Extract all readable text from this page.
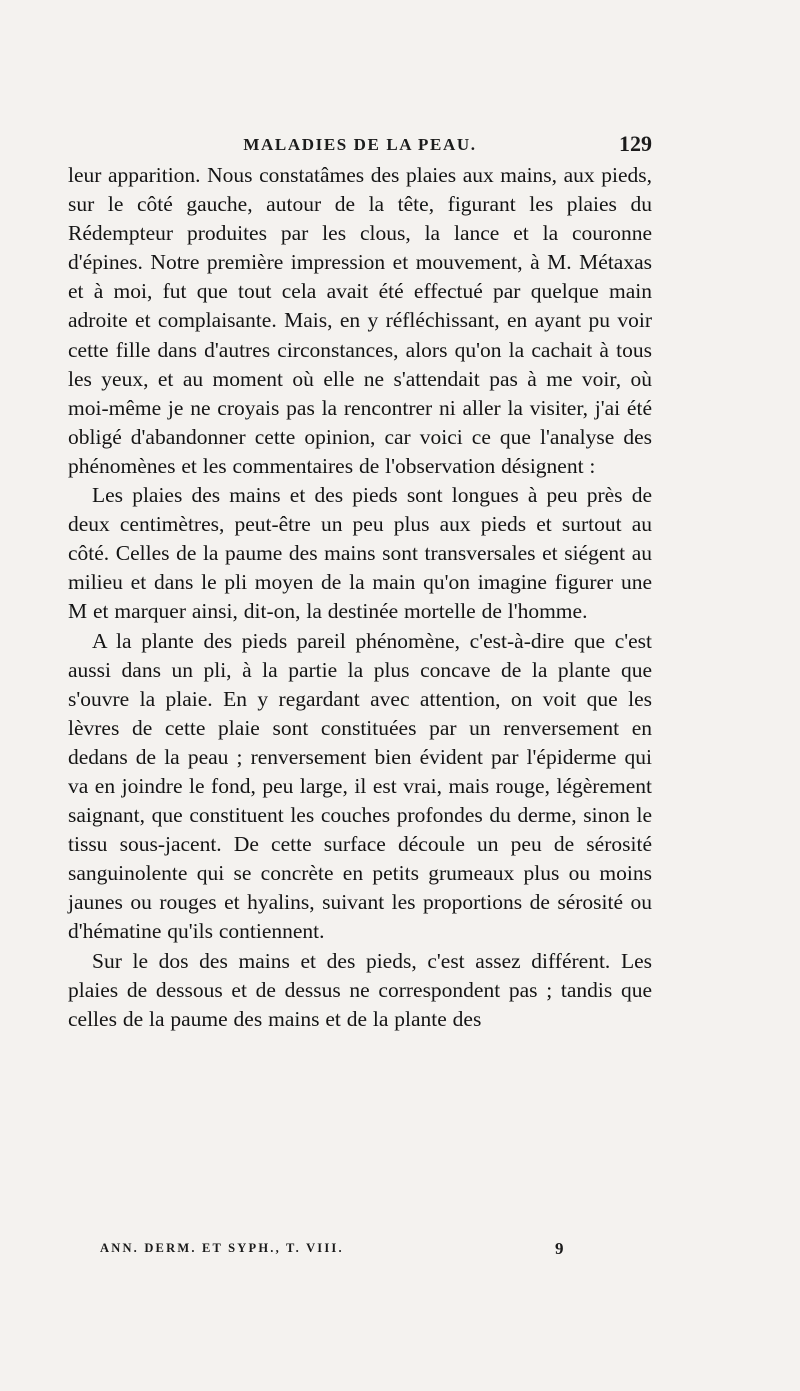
MALADIES DE LA PEAU.	129

leur apparition. Nous constatâmes des plaies aux mains, aux pieds, sur le côté gauche, autour de la tête, figurant les plaies du Rédempteur produites par les clous, la lance et la couronne d'épines. Notre première impression et mouvement, à M. Métaxas et à moi, fut que tout cela avait été effectué par quelque main adroite et complaisante. Mais, en y réfléchissant, en ayant pu voir cette fille dans d'autres circonstances, alors qu'on la cachait à tous les yeux, et au moment où elle ne s'attendait pas à me voir, où moi-même je ne croyais pas la rencontrer ni aller la visiter, j'ai été obligé d'abandonner cette opinion, car voici ce que l'analyse des phénomènes et les commentaires de l'observation désignent :

Les plaies des mains et des pieds sont longues à peu près de deux centimètres, peut-être un peu plus aux pieds et surtout au côté. Celles de la paume des mains sont transversales et siégent au milieu et dans le pli moyen de la main qu'on imagine figurer une M et marquer ainsi, dit-on, la destinée mortelle de l'homme.

A la plante des pieds pareil phénomène, c'est-à-dire que c'est aussi dans un pli, à la partie la plus concave de la plante que s'ouvre la plaie. En y regardant avec attention, on voit que les lèvres de cette plaie sont constituées par un renversement en dedans de la peau ; renversement bien évident par l'épiderme qui va en joindre le fond, peu large, il est vrai, mais rouge, légèrement saignant, que constituent les couches profondes du derme, sinon le tissu sous-jacent. De cette surface découle un peu de sérosité sanguinolente qui se concrète en petits grumeaux plus ou moins jaunes ou rouges et hyalins, suivant les proportions de sérosité ou d'hématine qu'ils contiennent.

Sur le dos des mains et des pieds, c'est assez différent. Les plaies de dessous et de dessus ne correspondent pas ; tandis que celles de la paume des mains et de la plante des

ANN. DERM. ET SYPH., T. VIII.	9
